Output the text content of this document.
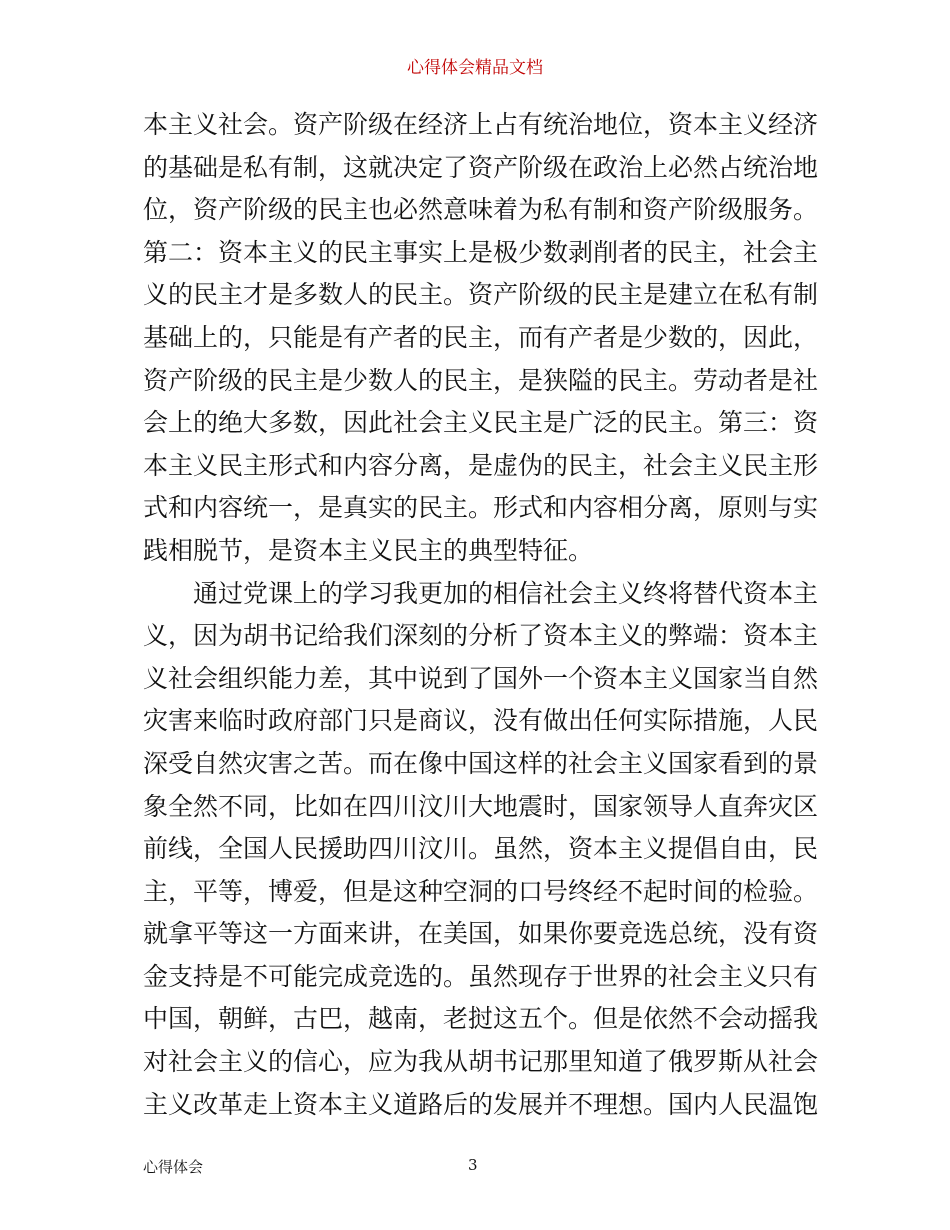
心得体会精品文档
本主义社会。资产阶级在经济上占有统治地位，资本主义经济
的基础是私有制，这就决定了资产阶级在政治上必然占统治地
位，资产阶级的民主也必然意味着为私有制和资产阶级服务。
第二：资本主义的民主事实上是极少数剥削者的民主，社会主
义的民主才是多数人的民主。资产阶级的民主是建立在私有制
基础上的，只能是有产者的民主，而有产者是少数的，因此，
资产阶级的民主是少数人的民主，是狭隘的民主。劳动者是社
会上的绝大多数，因此社会主义民主是广泛的民主。第三：资
本主义民主形式和内容分离，是虚伪的民主，社会主义民主形
式和内容统一，是真实的民主。形式和内容相分离，原则与实
践相脱节，是资本主义民主的典型特征。
通过党课上的学习我更加的相信社会主义终将替代资本主
义，因为胡书记给我们深刻的分析了资本主义的弊端：资本主
义社会组织能力差，其中说到了国外一个资本主义国家当自然
灾害来临时政府部门只是商议，没有做出任何实际措施，人民
深受自然灾害之苦。而在像中国这样的社会主义国家看到的景
象全然不同，比如在四川汶川大地震时，国家领导人直奔灾区
前线，全国人民援助四川汶川。虽然，资本主义提倡自由，民
主，平等，博爱，但是这种空洞的口号终经不起时间的检验。
就拿平等这一方面来讲，在美国，如果你要竞选总统，没有资
金支持是不可能完成竞选的。虽然现存于世界的社会主义只有
中国，朝鲜，古巴，越南，老挝这五个。但是依然不会动摇我
对社会主义的信心，应为我从胡书记那里知道了俄罗斯从社会
主义改革走上资本主义道路后的发展并不理想。国内人民温饱
心得体会	3
